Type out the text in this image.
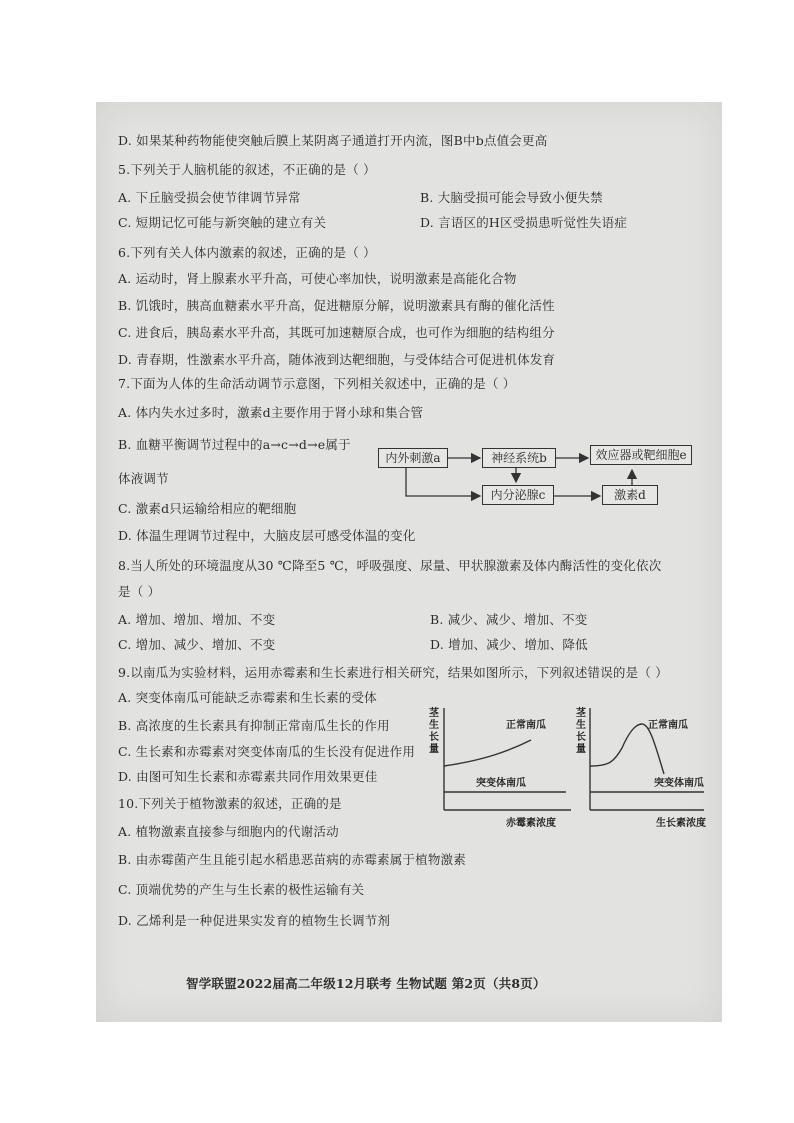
D. 如果某种药物能使突触后膜上某阴离子通道打开内流，图B中b点值会更高
5.下列关于人脑机能的叙述，不正确的是（ ）
A. 下丘脑受损会使节律调节异常	B. 大脑受损可能会导致小便失禁
C. 短期记忆可能与新突触的建立有关	D. 言语区的H区受损患听觉性失语症
6.下列有关人体内激素的叙述，正确的是（ ）
A. 运动时，肾上腺素水平升高，可使心率加快，说明激素是高能化合物
B. 饥饿时，胰高血糖素水平升高，促进糖原分解，说明激素具有酶的催化活性
C. 进食后，胰岛素水平升高，其既可加速糖原合成，也可作为细胞的结构组分
D. 青春期，性激素水平升高，随体液到达靶细胞，与受体结合可促进机体发育
7.下面为人体的生命活动调节示意图，下列相关叙述中，正确的是（ ）
A. 体内失水过多时，激素d主要作用于肾小球和集合管
B. 血糖平衡调节过程中的a→c→d→e属于
体液调节
C. 激素d只运输给相应的靶细胞
D. 体温生理调节过程中，大脑皮层可感受体温的变化
内外刺激a	神经系统b	效应器或靶细胞e
内分泌腺c	激素d
8.当人所处的环境温度从30 ℃降至5 ℃，呼吸强度、尿量、甲状腺激素及体内酶活性的变化依次
是（ ）
A. 增加、增加、增加、不变	B. 减少、减少、增加、不变
C. 增加、减少、增加、不变	D. 增加、减少、增加、降低
9.以南瓜为实验材料，运用赤霉素和生长素进行相关研究，结果如图所示，下列叙述错误的是（ ）
A. 突变体南瓜可能缺乏赤霉素和生长素的受体
B. 高浓度的生长素具有抑制正常南瓜生长的作用
C. 生长素和赤霉素对突变体南瓜的生长没有促进作用
D. 由图可知生长素和赤霉素共同作用效果更佳
茎
生
长
量
正常南瓜
突变体南瓜
赤霉素浓度
茎
生
长
量
正常南瓜
突变体南瓜
生长素浓度
10.下列关于植物激素的叙述，正确的是
A. 植物激素直接参与细胞内的代谢活动
B. 由赤霉菌产生且能引起水稻患恶苗病的赤霉素属于植物激素
C. 顶端优势的产生与生长素的极性运输有关
D. 乙烯利是一种促进果实发育的植物生长调节剂
智学联盟2022届高二年级12月联考 生物试题 第2页（共8页）
